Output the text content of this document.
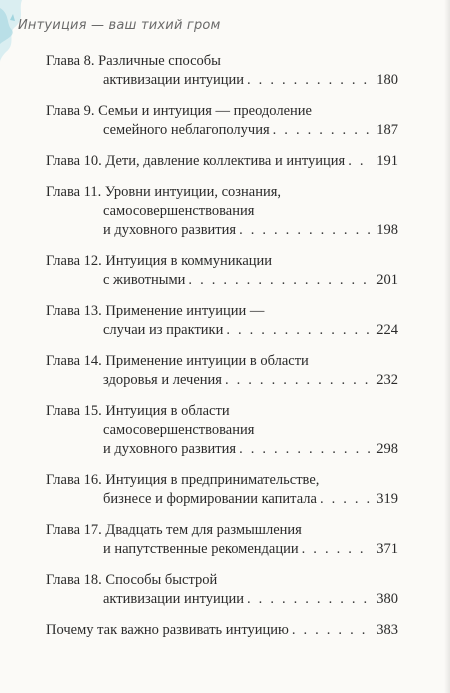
Интуиция — ваш тихий гром
Глава 8. Различные способы
активизации интуиции . . .	180
Глава 9. Семьи и интуиция — преодоление
семейного неблагополучия . . .	187
Глава 10. Дети, давление коллектива и интуиция . . . 191
Глава 11. Уровни интуиции, сознания,
самосовершенствования
и духовного развития . . .	198
Глава 12. Интуиция в коммуникации
с животными . . .	201
Глава 13. Применение интуиции —
случаи из практики . . .	224
Глава 14. Применение интуиции в области
здоровья и лечения . . .	232
Глава 15. Интуиция в области
самосовершенствования
и духовного развития . . .	298
Глава 16. Интуиция в предпринимательстве,
бизнесе и формировании капитала . . .	319
Глава 17. Двадцать тем для размышления
и напутственные рекомендации . . .	371
Глава 18. Способы быстрой
активизации интуиции . . .	380
Почему так важно развивать интуицию . . .	383
